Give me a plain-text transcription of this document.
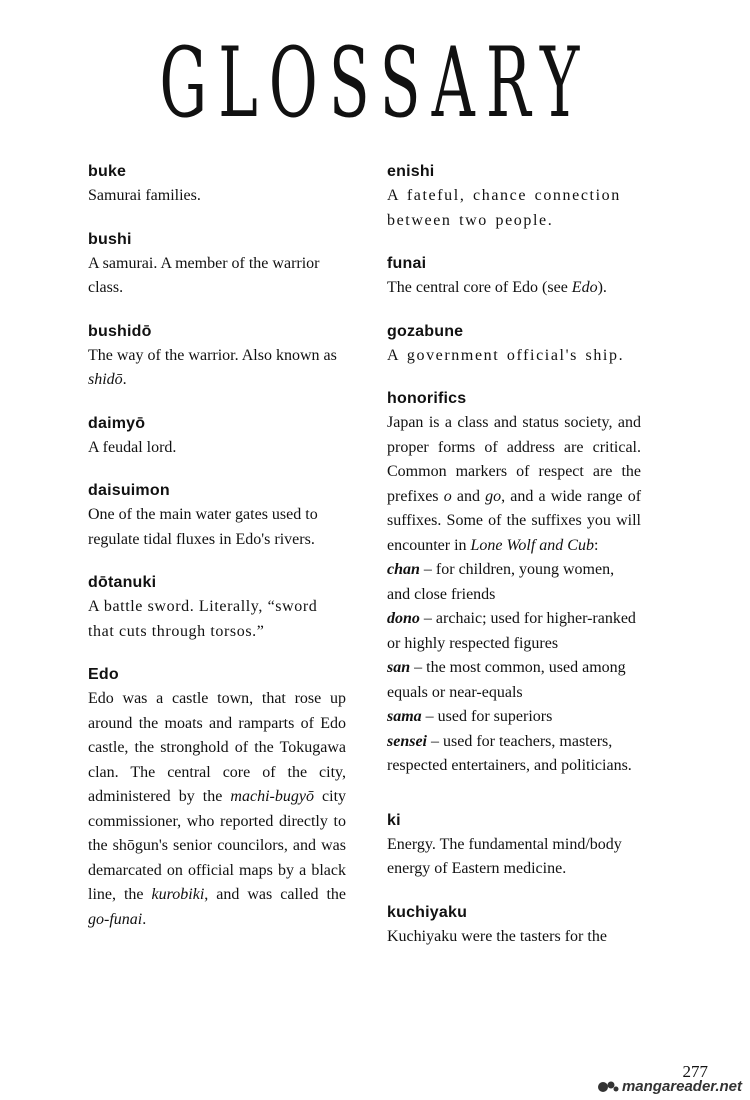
GLOSSARY
buke
Samurai families.
bushi
A samurai. A member of the warrior class.
bushidō
The way of the warrior. Also known as shidō.
daimyō
A feudal lord.
daisuimon
One of the main water gates used to regulate tidal fluxes in Edo's rivers.
dōtanuki
A battle sword. Literally, “sword that cuts through torsos.”
Edo
Edo was a castle town, that rose up around the moats and ramparts of Edo castle, the stronghold of the Tokugawa clan. The central core of the city, administered by the machi-bugyō city commissioner, who reported directly to the shōgun's senior councilors, and was demarcated on official maps by a black line, the kurobiki, and was called the go-funai.
enishi
A fateful, chance connection between two people.
funai
The central core of Edo (see Edo).
gozabune
A government official's ship.
honorifics
Japan is a class and status society, and proper forms of address are critical. Common markers of respect are the prefixes o and go, and a wide range of suffixes. Some of the suffixes you will encounter in Lone Wolf and Cub:
chan – for children, young women, and close friends
dono – archaic; used for higher-ranked or highly respected figures
san – the most common, used among equals or near-equals
sama – used for superiors
sensei – used for teachers, masters, respected entertainers, and politicians.
ki
Energy. The fundamental mind/body energy of Eastern medicine.
kuchiyaku
Kuchiyaku were the tasters for the
277
mangareader.net
